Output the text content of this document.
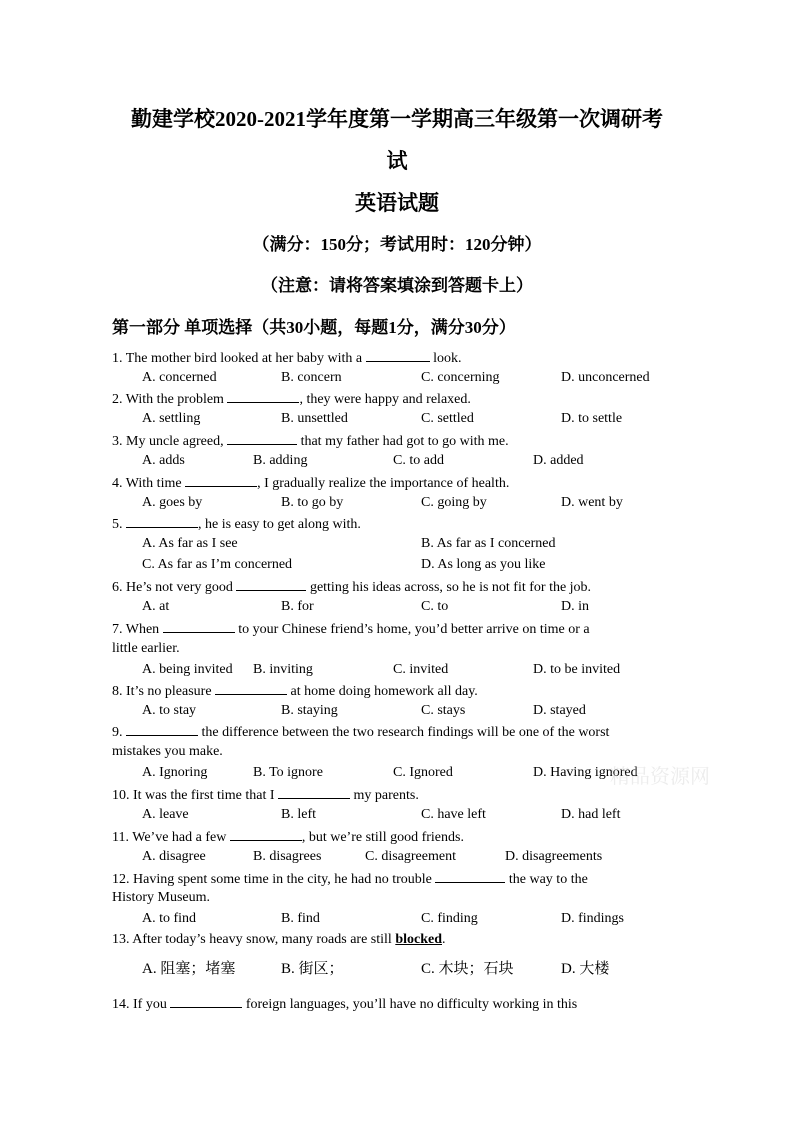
勤建学校2020-2021学年度第一学期高三年级第一次调研考
试
英语试题
（满分：150分；考试用时：120分钟）
（注意：请将答案填涂到答题卡上）
第一部分 单项选择（共30小题，每题1分，满分30分）
1. The mother bird looked at her baby with a	look.
A. concerned	B. concern	C. concerning	D. unconcerned
2. With the problem	, they were happy and relaxed.
A. settling	B. unsettled	C. settled	D. to settle
3. My uncle agreed,	that my father had got to go with me.
A. adds	B. adding	C. to add	D. added
4. With time	, I gradually realize the importance of health.
A. goes by	B. to go by	C. going by	D. went by
5.	, he is easy to get along with.
A. As far as I see	B. As far as I concerned
C. As far as I’m concerned	D. As long as you like
6. He’s not very good	getting his ideas across, so he is not fit for the job.
A. at	B. for	C. to	D. in
7. When	to your Chinese friend’s home, you’d better arrive on time or a
little earlier.
A. being invited B. inviting	C. invited	D. to be invited
8. It’s no pleasure	at home doing homework all day.
A. to stay	B. staying	C. stays	D. stayed
9.	the difference between the two research findings will be one of the worst
mistakes you make.
A. Ignoring	B. To ignore	C. Ignored	D. Having ignored
10. It was the first time that I	my parents.
A. leave	B. left	C. have left	D. had left
11. We’ve had a few	, but we’re still good friends.
A. disagree	B. disagrees	C. disagreement	D. disagreements
12. Having spent some time in the city, he had no trouble	the way to the
History Museum.
A. to find	B. find	C. finding	D. findings
13. After today’s heavy snow, many roads are still blocked.
A. 阻塞；堵塞	B. 街区；	C. 木块；石块	D. 大楼
14. If you	foreign languages, you’ll have no difficulty working in this
精品资源网
